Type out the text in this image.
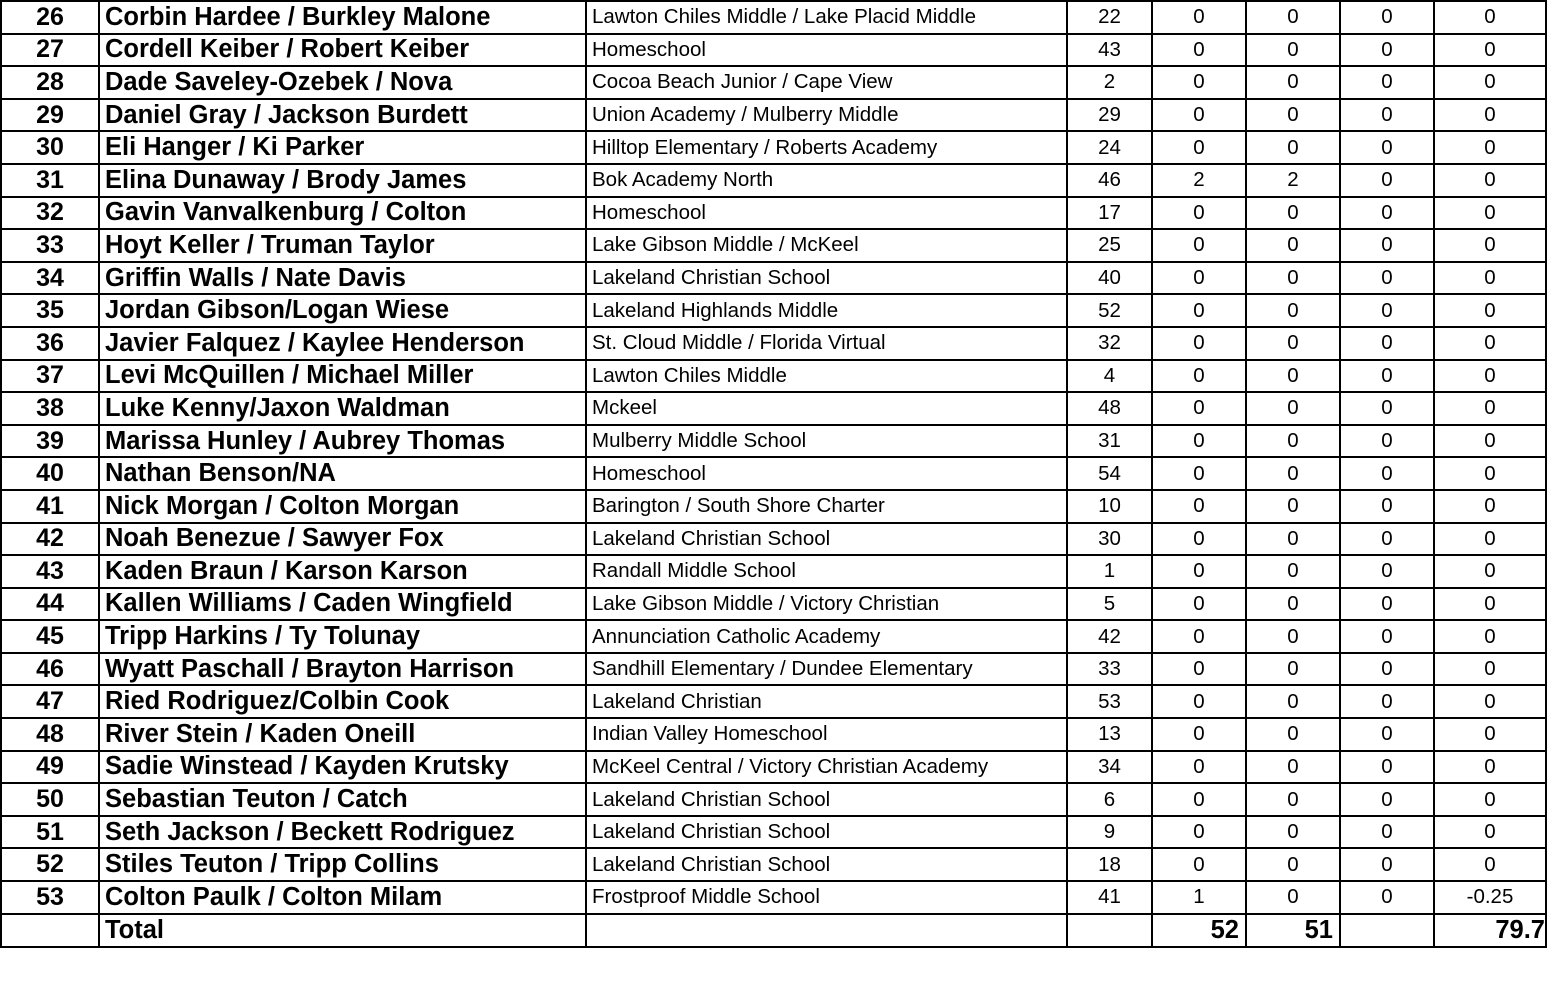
26	Corbin Hardee / Burkley Malone	Lawton Chiles Middle / Lake Placid Middle	22	0	0	0	0
27	Cordell Keiber / Robert Keiber	Homeschool	43	0	0	0	0
28	Dade Saveley-Ozebek / Nova	Cocoa Beach Junior / Cape View	2	0	0	0	0
29	Daniel Gray / Jackson Burdett	Union Academy / Mulberry Middle	29	0	0	0	0
30	Eli Hanger / Ki Parker	Hilltop Elementary / Roberts Academy	24	0	0	0	0
31	Elina Dunaway / Brody James	Bok Academy North	46	2	2	0	0
32	Gavin Vanvalkenburg / Colton	Homeschool	17	0	0	0	0
33	Hoyt Keller / Truman Taylor	Lake Gibson Middle / McKeel	25	0	0	0	0
34	Griffin Walls / Nate Davis	Lakeland Christian School	40	0	0	0	0
35	Jordan Gibson/Logan Wiese	Lakeland Highlands Middle	52	0	0	0	0
36	Javier Falquez / Kaylee Henderson	St. Cloud Middle / Florida Virtual	32	0	0	0	0
37	Levi McQuillen / Michael Miller	Lawton Chiles Middle	4	0	0	0	0
38	Luke Kenny/Jaxon Waldman	Mckeel	48	0	0	0	0
39	Marissa Hunley / Aubrey Thomas	Mulberry Middle School	31	0	0	0	0
40	Nathan Benson/NA	Homeschool	54	0	0	0	0
41	Nick Morgan / Colton Morgan	Barington / South Shore Charter	10	0	0	0	0
42	Noah Benezue / Sawyer Fox	Lakeland Christian School	30	0	0	0	0
43	Kaden Braun / Karson Karson	Randall Middle School	1	0	0	0	0
44	Kallen Williams / Caden Wingfield	Lake Gibson Middle / Victory Christian	5	0	0	0	0
45	Tripp Harkins / Ty Tolunay	Annunciation Catholic Academy	42	0	0	0	0
46	Wyatt Paschall / Brayton Harrison	Sandhill Elementary / Dundee Elementary	33	0	0	0	0
47	Ried Rodriguez/Colbin Cook	Lakeland Christian	53	0	0	0	0
48	River Stein / Kaden Oneill	Indian Valley Homeschool	13	0	0	0	0
49	Sadie Winstead / Kayden Krutsky	McKeel Central / Victory Christian Academy	34	0	0	0	0
50	Sebastian Teuton / Catch	Lakeland Christian School	6	0	0	0	0
51	Seth Jackson / Beckett Rodriguez	Lakeland Christian School	9	0	0	0	0
52	Stiles Teuton / Tripp Collins	Lakeland Christian School	18	0	0	0	0
53	Colton Paulk / Colton Milam	Frostproof Middle School	41	1	0	0	-0.25
	Total			52	51		79.7
